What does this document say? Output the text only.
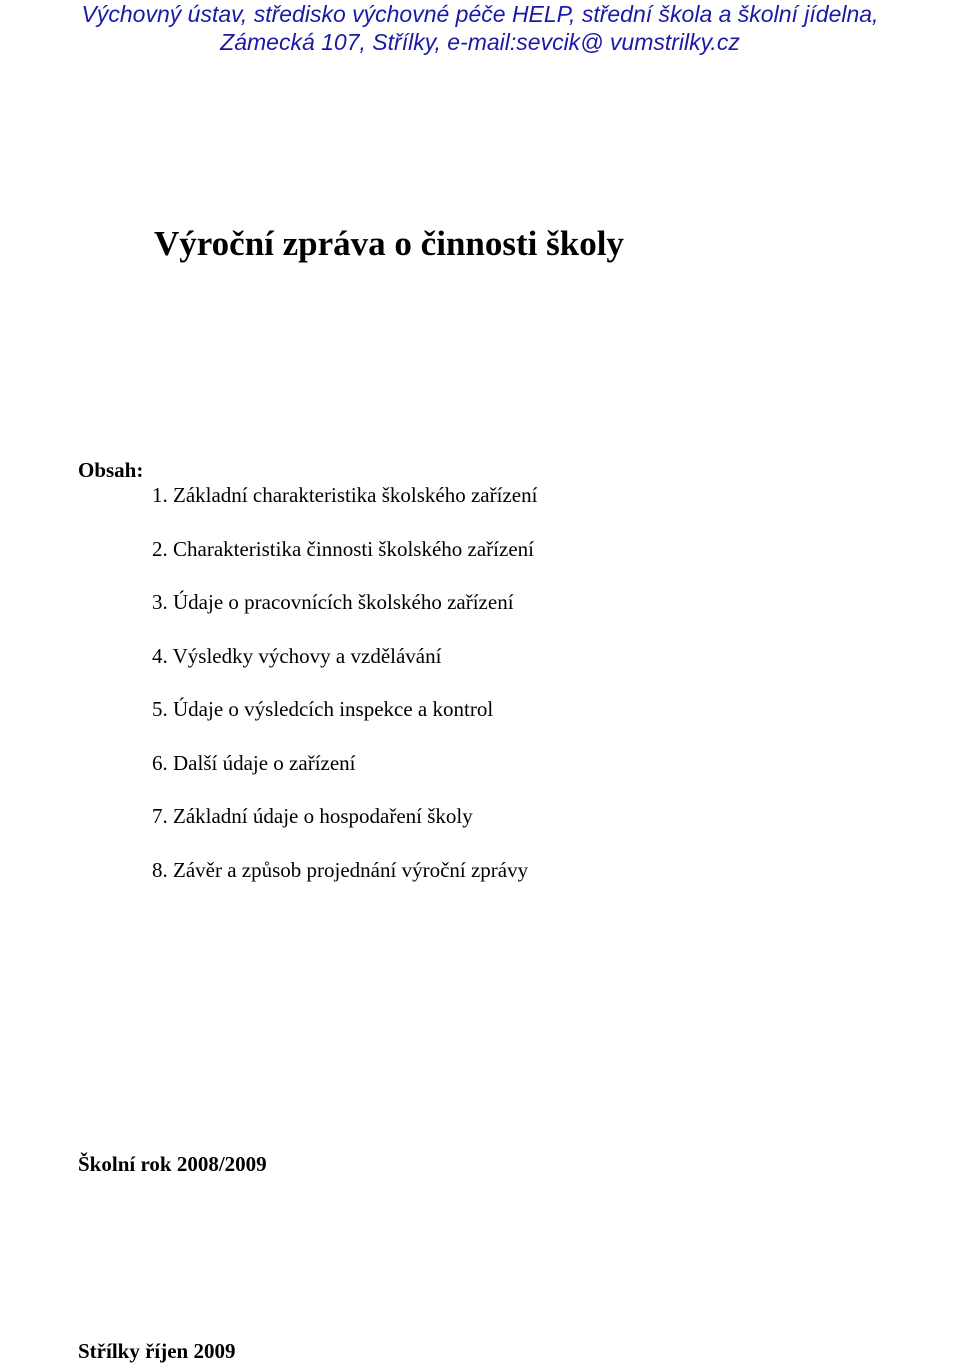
Výchovný ústav, středisko výchovné péče HELP, střední škola a školní jídelna,
Zámecká 107, Střílky, e-mail:sevcik@ vumstrilky.cz
Výroční zpráva o činnosti školy
Obsah:
1. Základní charakteristika školského zařízení
2. Charakteristika činnosti školského zařízení
3. Údaje o pracovnících školského zařízení
4. Výsledky výchovy a vzdělávání
5. Údaje o výsledcích inspekce a kontrol
6. Další údaje o zařízení
7. Základní údaje o hospodaření školy
8. Závěr a způsob projednání výroční zprávy
Školní rok 2008/2009
Střílky říjen 2009
